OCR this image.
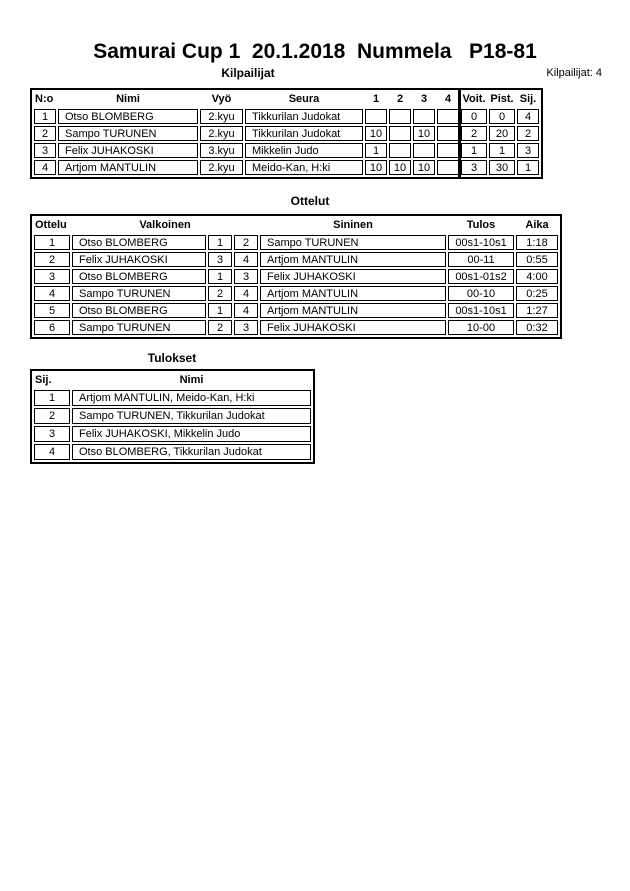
Samurai Cup 1  20.1.2018  Nummela   P18-81
Kilpailijat	Kilpailijat: 4
N:o	Nimi	Vyö	Seura	1	2	3	4	Voit.	Pist.	Sij.
1	Otso BLOMBERG	2.kyu	Tikkurilan Judokat					0	0	4
2	Sampo TURUNEN	2.kyu	Tikkurilan Judokat	10		10		2	20	2
3	Felix JUHAKOSKI	3.kyu	Mikkelin Judo	1				1	1	3
4	Artjom MANTULIN	2.kyu	Meido-Kan, H:ki	10	10	10		3	30	1
Ottelut
Ottelu	Valkoinen			Sininen	Tulos	Aika
1	Otso BLOMBERG	1	2	Sampo TURUNEN	00s1-10s1	1:18
2	Felix JUHAKOSKI	3	4	Artjom MANTULIN	00-11	0:55
3	Otso BLOMBERG	1	3	Felix JUHAKOSKI	00s1-01s2	4:00
4	Sampo TURUNEN	2	4	Artjom MANTULIN	00-10	0:25
5	Otso BLOMBERG	1	4	Artjom MANTULIN	00s1-10s1	1:27
6	Sampo TURUNEN	2	3	Felix JUHAKOSKI	10-00	0:32
Tulokset
Sij.	Nimi
1	Artjom MANTULIN, Meido-Kan, H:ki
2	Sampo TURUNEN, Tikkurilan Judokat
3	Felix JUHAKOSKI, Mikkelin Judo
4	Otso BLOMBERG, Tikkurilan Judokat
